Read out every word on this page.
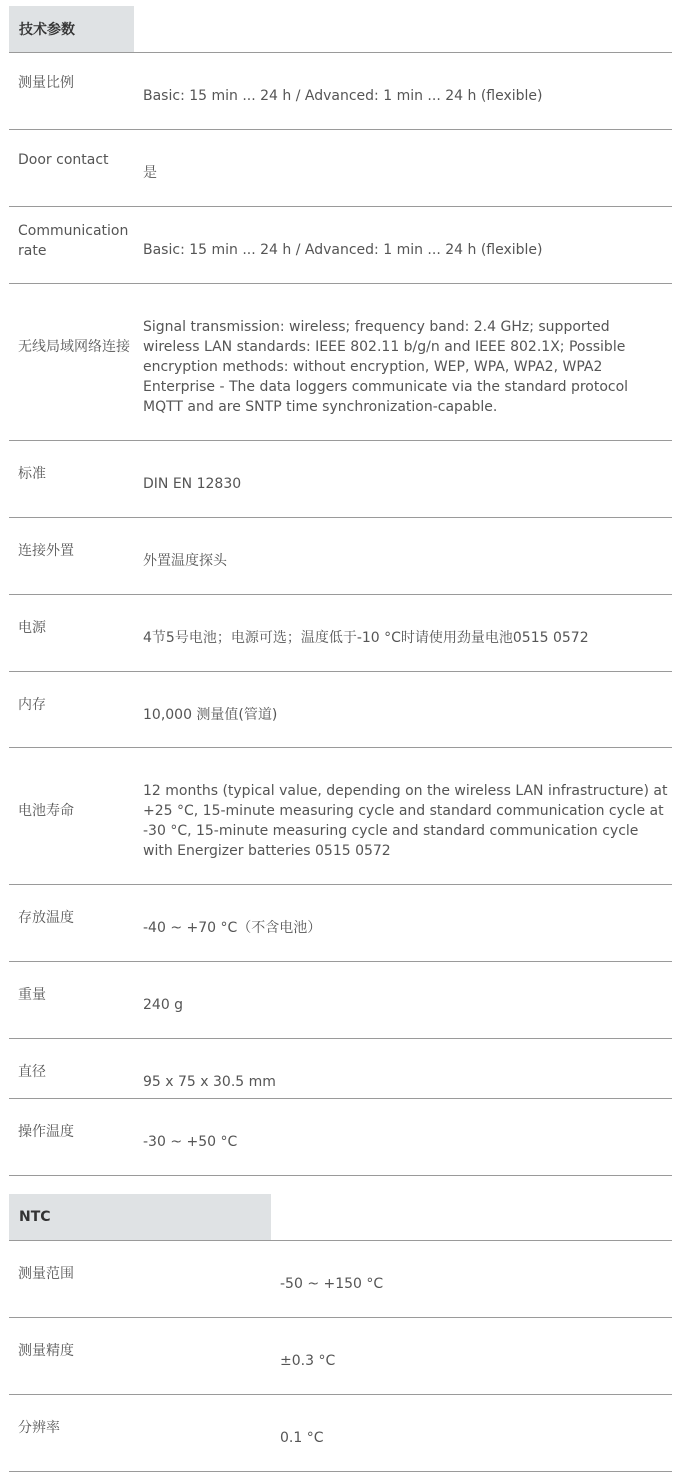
技术参数
测量比例
Basic: 15 min ... 24 h / Advanced: 1 min ... 24 h (flexible)
Door contact
是
Communication rate	Basic: 15 min ... 24 h / Advanced: 1 min ... 24 h (flexible)
无线局域网络连接
Signal transmission: wireless; frequency band: 2.4 GHz; supported wireless LAN standards: IEEE 802.11 b/g/n and IEEE 802.1X; Possible encryption methods: without encryption, WEP, WPA, WPA2, WPA2 Enterprise - The data loggers communicate via the standard protocol MQTT and are SNTP time synchronization-capable.
标准
DIN EN 12830
连接外置
外置温度探头
电源
4节5号电池；电源可选；温度低于-10 °C时请使用劲量电池0515 0572
内存
10,000 测量值(管道)
电池寿命
12 months (typical value, depending on the wireless LAN infrastructure) at +25 °C, 15-minute measuring cycle and standard communication cycle at -30 °C, 15-minute measuring cycle and standard communication cycle with Energizer batteries 0515 0572
存放温度
-40 ~ +70 °C（不含电池）
重量
240 g
直径
95 x 75 x 30.5 mm
操作温度
-30 ~ +50 °C
NTC
测量范围
-50 ~ +150 °C
测量精度
±0.3 °C
分辨率
0.1 °C
